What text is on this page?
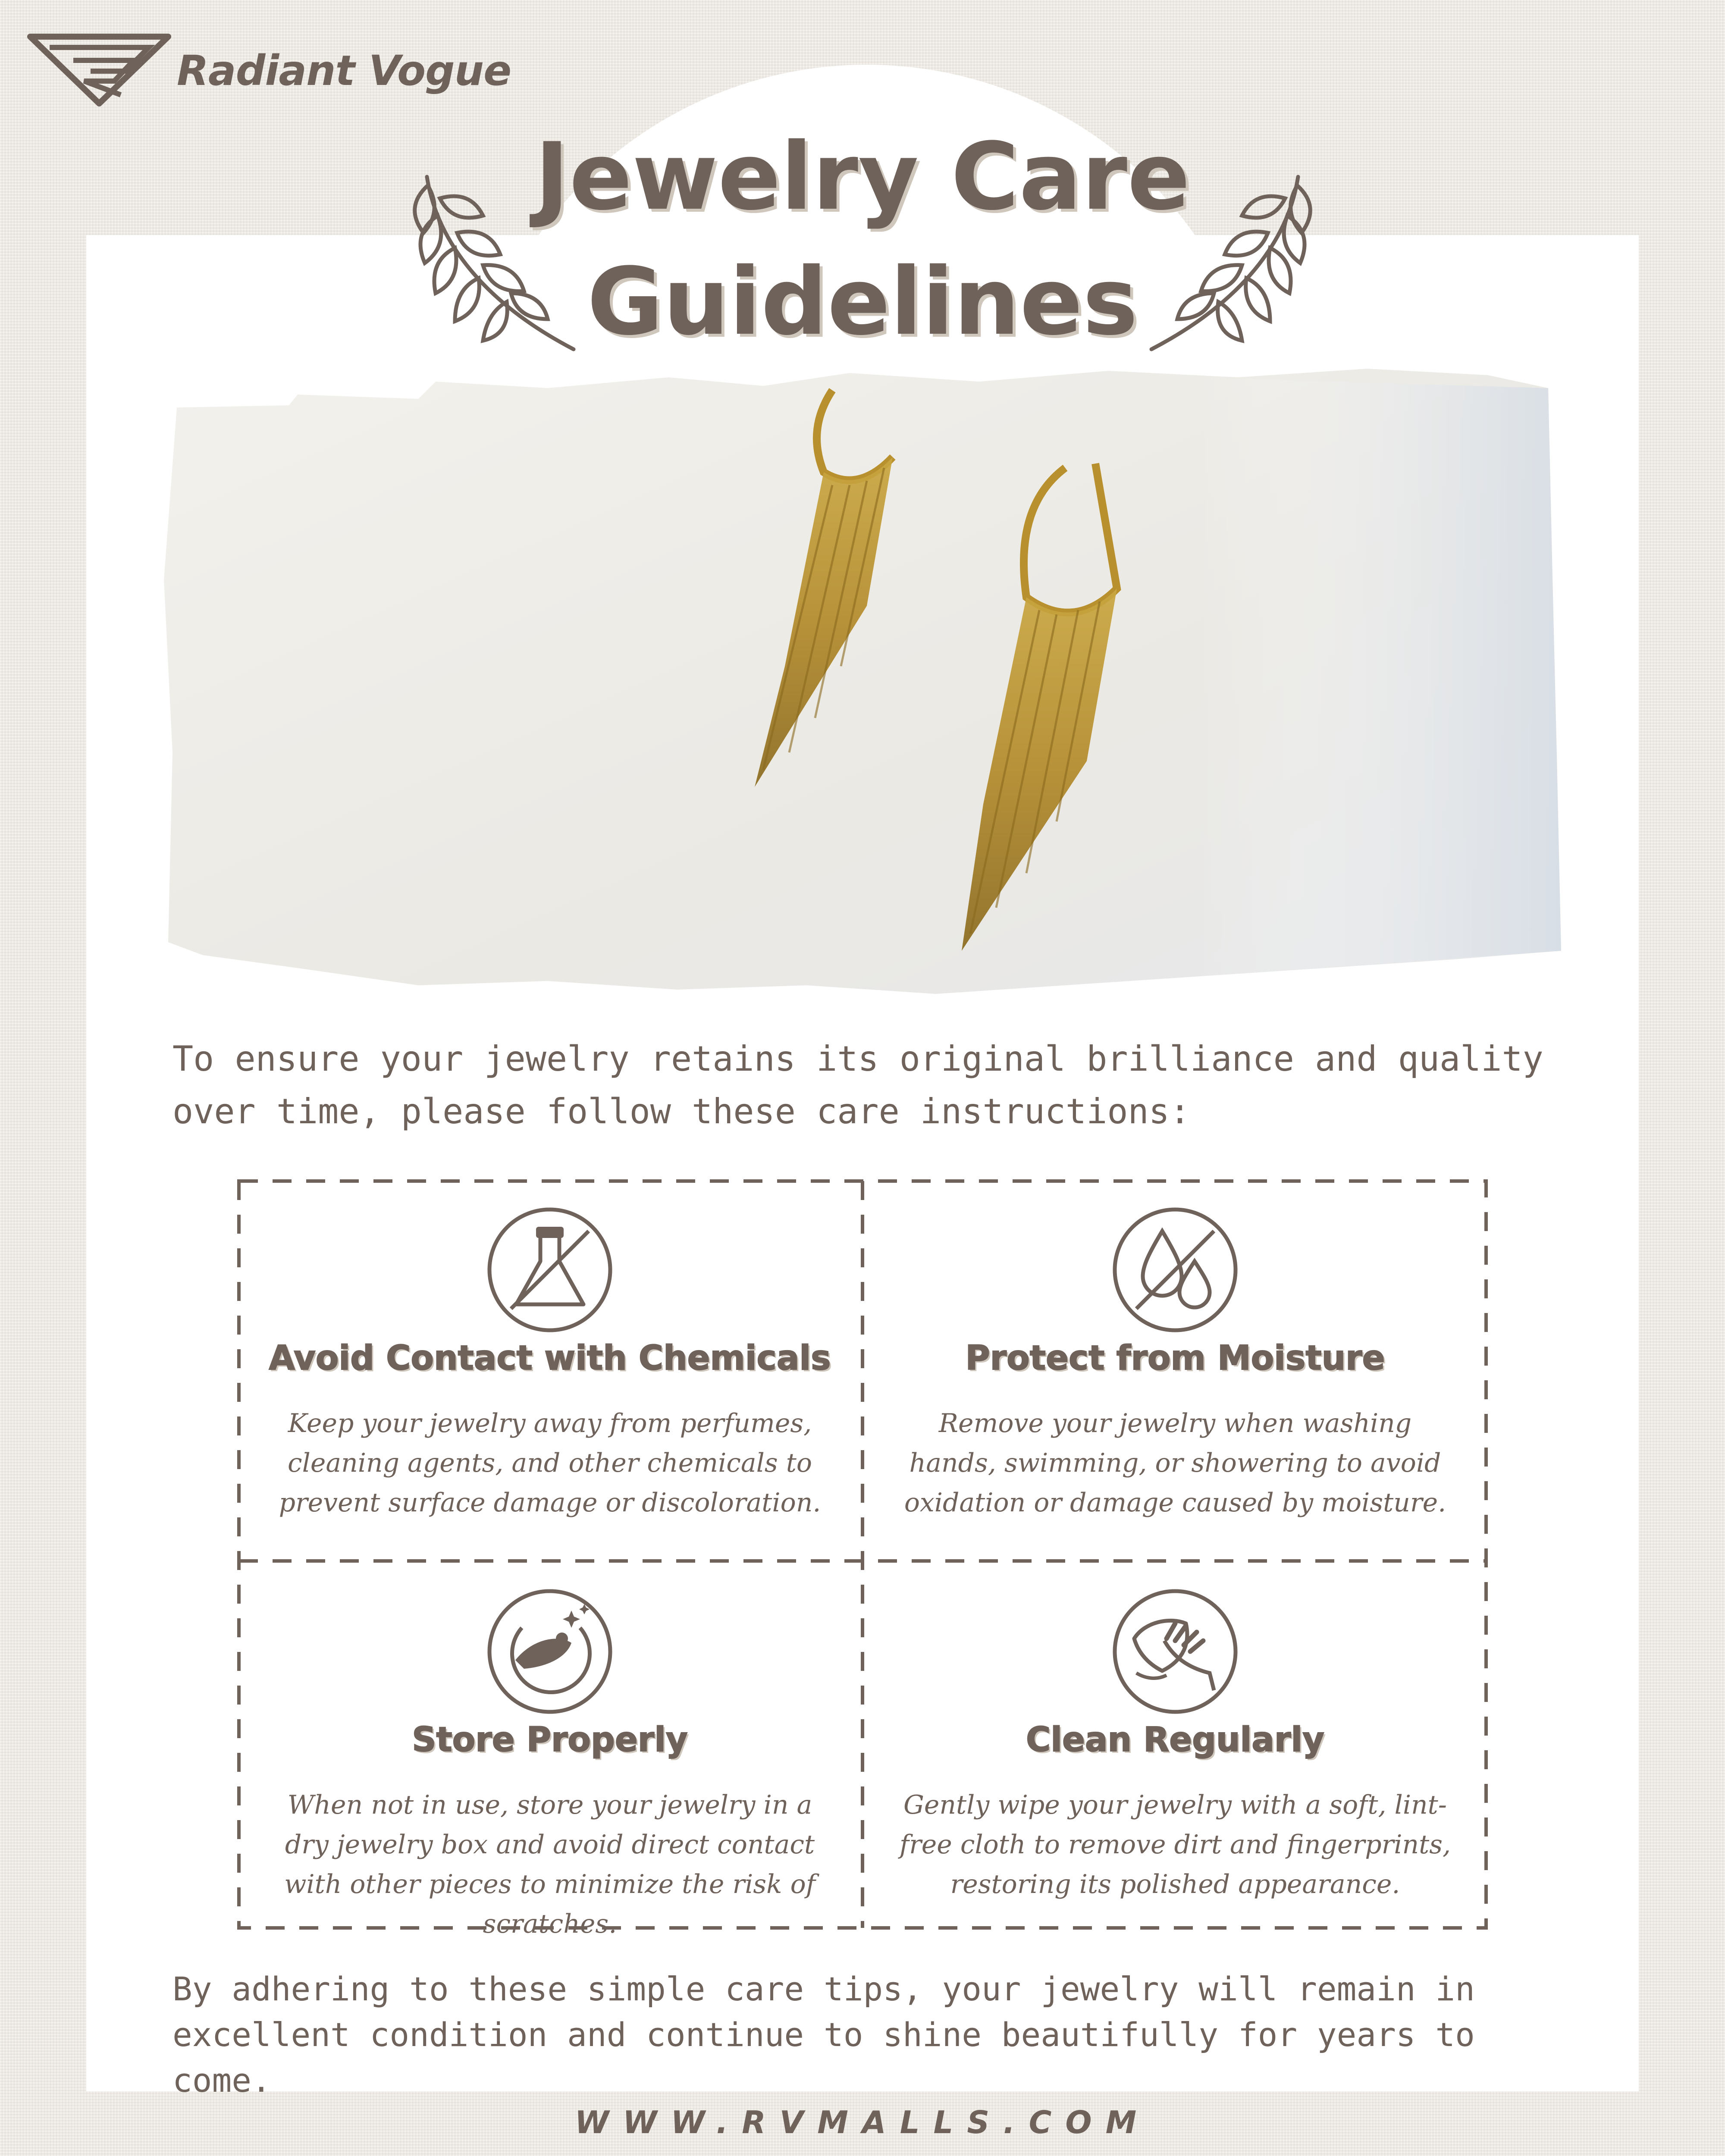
Radiant Vogue
Jewelry Care
Guidelines
To ensure your jewelry retains its original brilliance and quality over time, please follow these care instructions:
Avoid Contact with Chemicals
Keep your jewelry away from perfumes, cleaning agents, and other chemicals to prevent surface damage or discoloration.
Protect from Moisture
Remove your jewelry when washing hands, swimming, or showering to avoid oxidation or damage caused by moisture.
Store Properly
When not in use, store your jewelry in a dry jewelry box and avoid direct contact with other pieces to minimize the risk of scratches.
Clean Regularly
Gently wipe your jewelry with a soft, lint-free cloth to remove dirt and fingerprints, restoring its polished appearance.
By adhering to these simple care tips, your jewelry will remain in excellent condition and continue to shine beautifully for years to come.
WWW.RVMALLS.COM
